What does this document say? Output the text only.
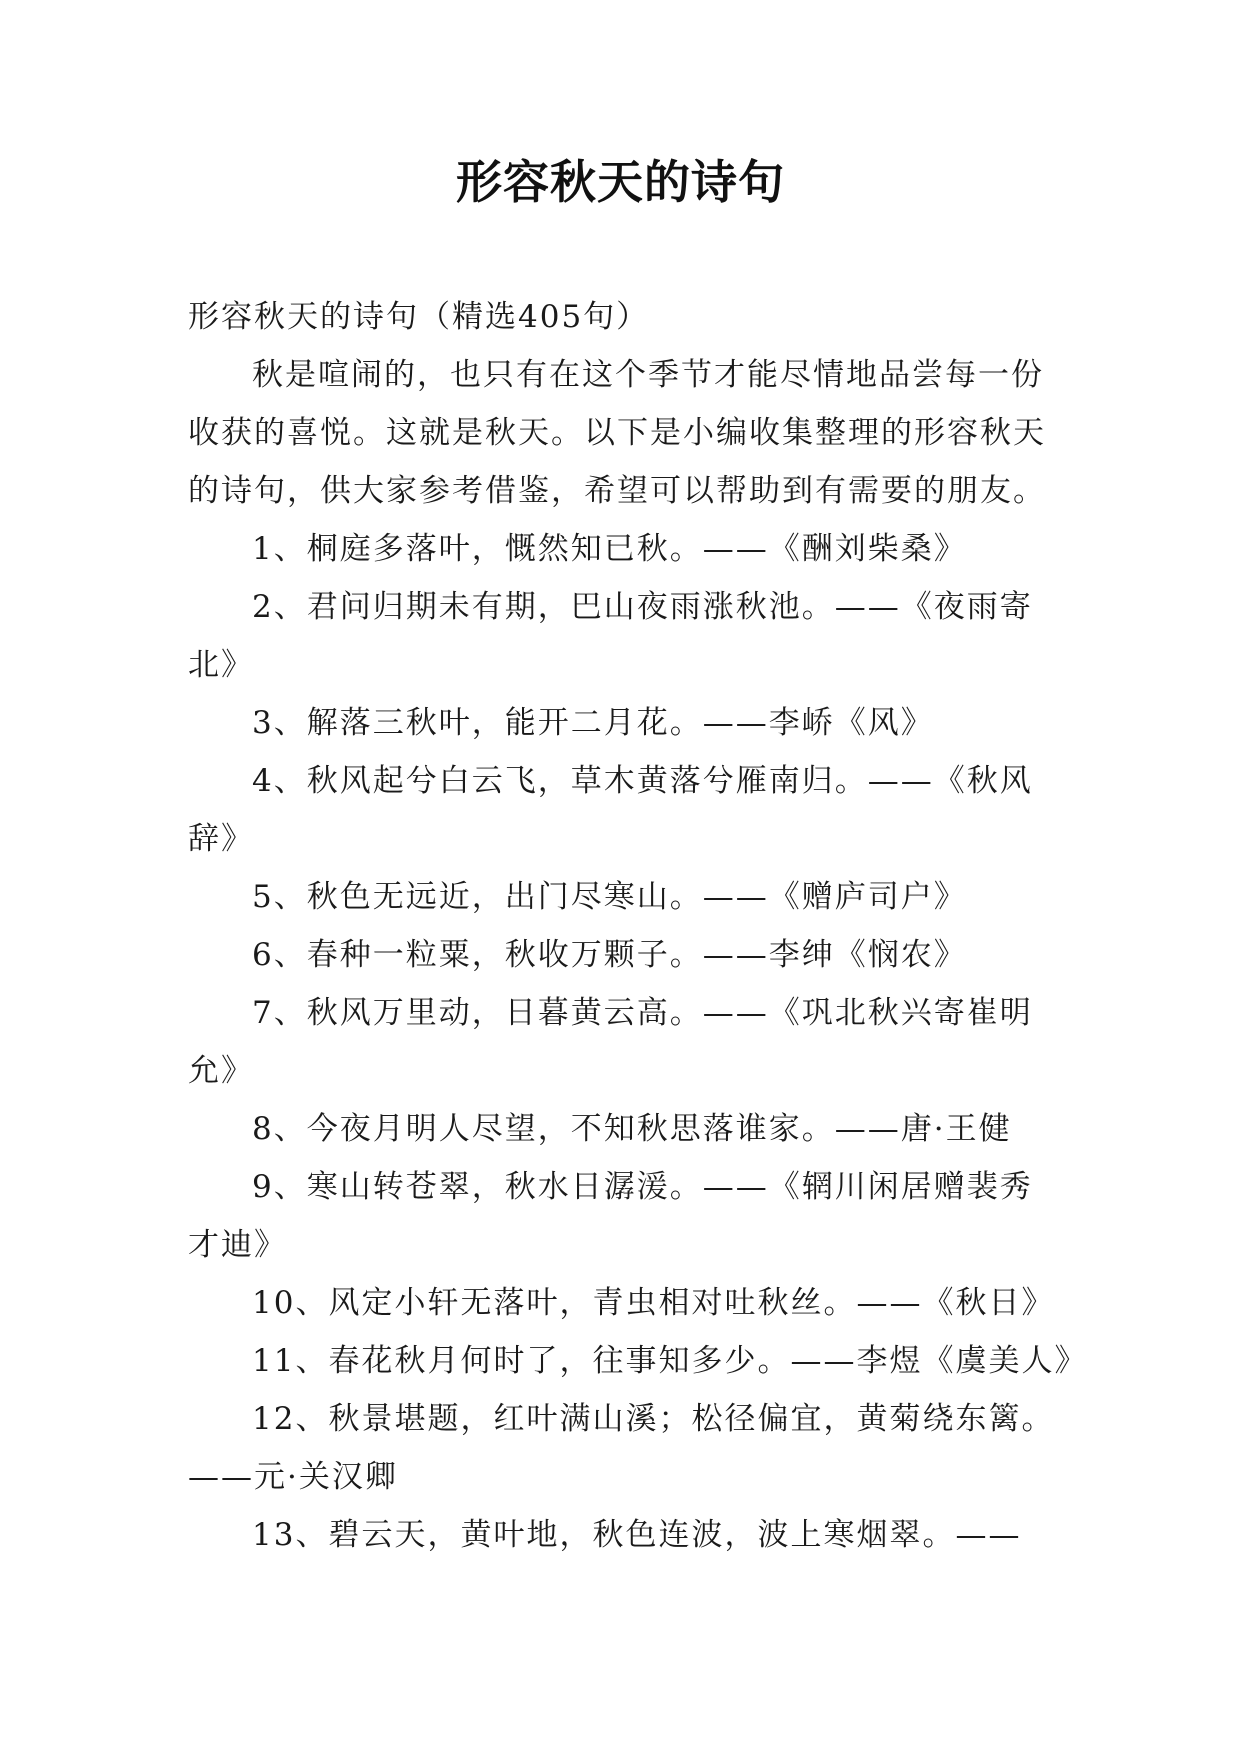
形容秋天的诗句
形容秋天的诗句（精选405句）
秋是喧闹的，也只有在这个季节才能尽情地品尝每一份
收获的喜悦。这就是秋天。以下是小编收集整理的形容秋天
的诗句，供大家参考借鉴，希望可以帮助到有需要的朋友。
1、桐庭多落叶，慨然知已秋。——《酬刘柴桑》
2、君问归期未有期，巴山夜雨涨秋池。——《夜雨寄
北》
3、解落三秋叶，能开二月花。——李峤《风》
4、秋风起兮白云飞，草木黄落兮雁南归。——《秋风
辞》
5、秋色无远近，出门尽寒山。——《赠庐司户》
6、春种一粒粟，秋收万颗子。——李绅《悯农》
7、秋风万里动，日暮黄云高。——《巩北秋兴寄崔明
允》
8、今夜月明人尽望，不知秋思落谁家。——唐·王健
9、寒山转苍翠，秋水日潺湲。——《辋川闲居赠裴秀
才迪》
10、风定小轩无落叶，青虫相对吐秋丝。——《秋日》
11、春花秋月何时了，往事知多少。——李煜《虞美人》
12、秋景堪题，红叶满山溪；松径偏宜，黄菊绕东篱。
——元·关汉卿
13、碧云天，黄叶地，秋色连波，波上寒烟翠。——
